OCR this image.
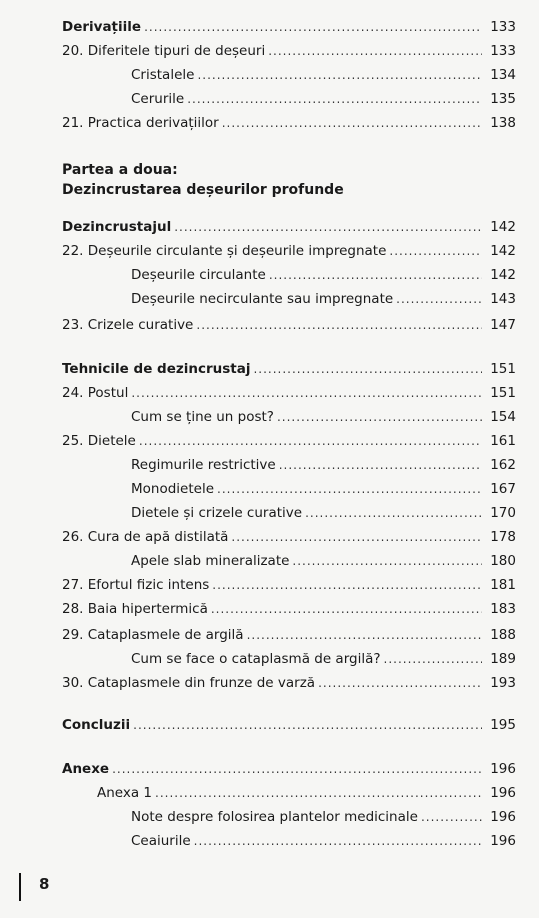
Partea a doua:
Dezincrustarea deșeurilor profunde
Derivațiile .....	133
20. Diferitele tipuri de deșeuri .....	133
Cristalele .....	134
Cerurile .....	135
21. Practica derivațiilor .....	138
Dezincrustajul .....	142
22. Deșeurile circulante și deșeurile impregnate .....	142
Deșeurile circulante .....	142
Deșeurile necirculante sau impregnate .....	143
23. Crizele curative .....	147
Tehnicile de dezincrustaj .....	151
24. Postul .....	151
Cum se ține un post? .....	154
25. Dietele .....	161
Regimurile restrictive .....	162
Monodietele .....	167
Dietele și crizele curative .....	170
26. Cura de apă distilată .....	178
Apele slab mineralizate .....	180
27. Efortul fizic intens .....	181
28. Baia hipertermică .....	183
29. Cataplasmele de argilă .....	188
Cum se face o cataplasmă de argilă? .....	189
30. Cataplasmele din frunze de varză .....	193
Concluzii .....	195
Anexe .....	196
Anexa 1 .....	196
Note despre folosirea plantelor medicinale .....	196
Ceaiurile .....	196
8
